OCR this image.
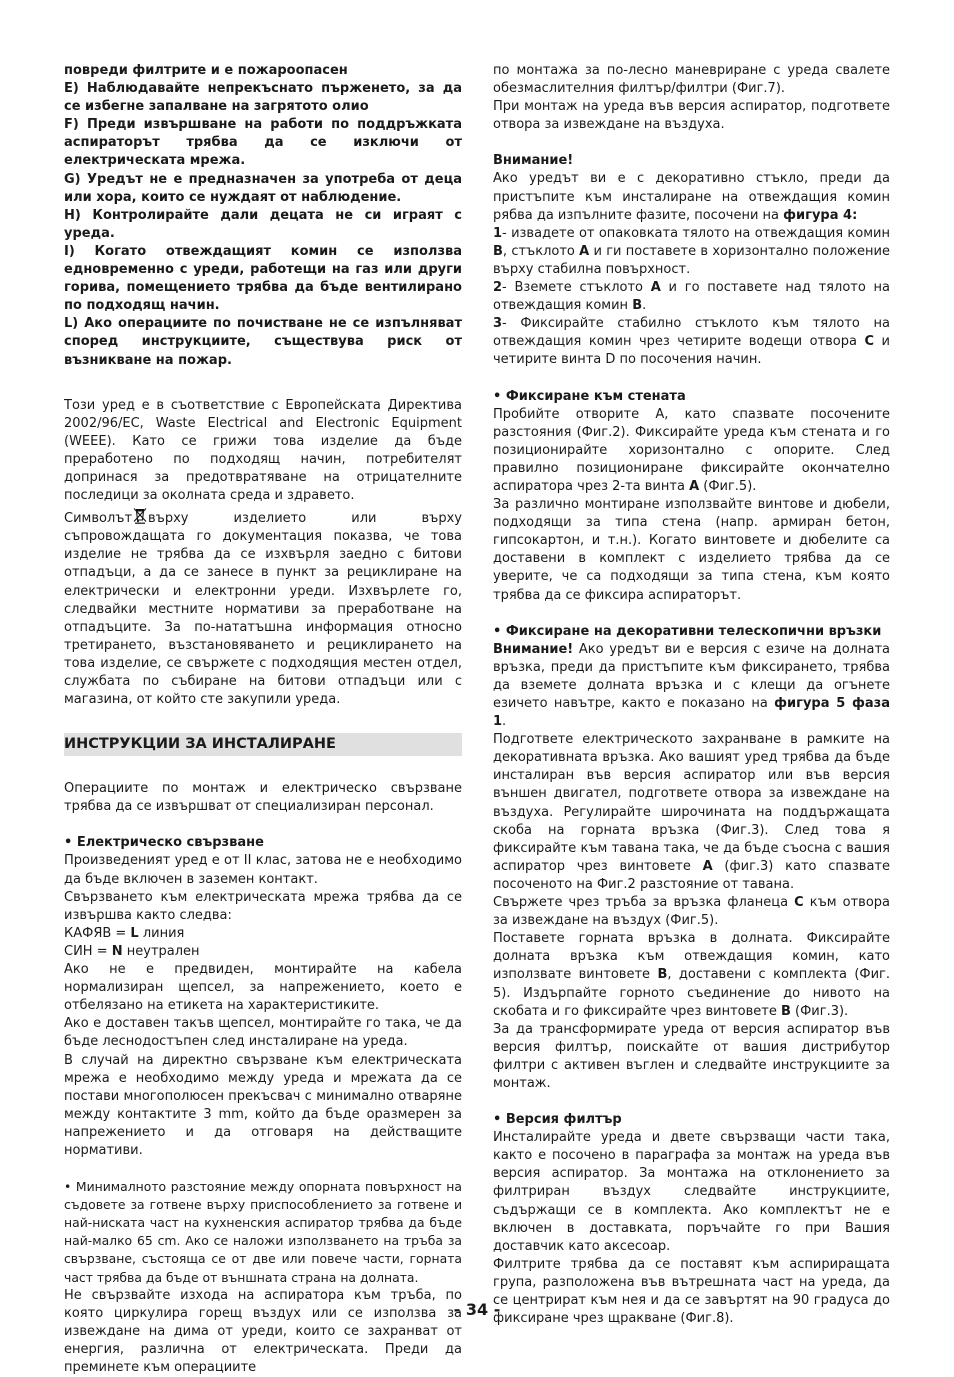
повреди филтрите и е пожароопасен

E) Наблюдавайте непрекъснато пърженето, за да се избегне запалване на загрятото олио

F) Преди извършване на работи по поддръжката аспираторът трябва да се изключи от електрическата мрежа.

G) Уредът не е предназначен за употреба от деца или хора, които се нуждаят от наблюдение.

H) Контролирайте дали децата не си играят с уреда.

I) Когато отвеждащият комин се използва едновременно с уреди, работещи на газ или други горива, помещението трябва да бъде вентилирано по подходящ начин.

L) Ако операциите по почистване не се изпълняват според инструкциите, съществува риск от възникване на пожар.

Този уред е в съответствие с Европейската Директива 2002/96/EC, Waste Electrical and Electronic Equipment (WEEE). Като се грижи това изделие да бъде преработено по подходящ начин, потребителят допринася за предотвратяване на отрицателните последици за околната среда и здравето.

Символът върху изделието или върху съпровождащата го документация показва, че това изделие не трябва да се изхвърля заедно с битови отпадъци, а да се занесе в пункт за рециклиране на електрически и електронни уреди. Изхвърлете го, следвайки местните нормативи за преработване на отпадъците. За по-нататъшна информация относно третирането, възстановяването и рециклирането на това изделие, се свържете с подходящия местен отдел, службата по събиране на битови отпадъци или с магазина, от който сте закупили уреда.

ИНСТРУКЦИИ ЗА ИНСТАЛИРАНЕ

Операциите по монтаж и електрическо свързване трябва да се извършват от специализиран персонал.

• Електрическо свързване

Произведеният уред е от II клас, затова не е необходимо да бъде включен в заземен контакт.

Свързването към електрическата мрежа трябва да се извършва както следва:

КАФЯВ = L линия

СИН = N неутрален

Ако не е предвиден, монтирайте на кабела нормализиран щепсел, за напрежението, което е отбелязано на етикета на характеристиките.

Ако е доставен такъв щепсел, монтирайте го така, че да бъде леснодостъпен след инсталиране на уреда.

В случай на директно свързване към електрическата мрежа е необходимо между уреда и мрежата да се постави многополюсен прекъсвач с минимално отваряне между контактите 3 mm, който да бъде оразмерен за напрежението и да отговаря на действащите нормативи.

• Минималното разстояние между опорната повърхност на съдовете за готвене върху приспособлението за готвене и най-ниската част на кухненския аспиратор трябва да бъде най-малко 65 cm. Ако се наложи използването на тръба за свързване, състояща се от две или повече части, горната част трябва да бъде от външната страна на долната.

Не свързвайте изхода на аспиратора към тръба, по която циркулира горещ въздух или се използва за извеждане на дима от уреди, които се захранват от енергия, различна от електрическата. Преди да преминете към операциите

по монтажа за по-лесно маневриране с уреда свалете обезмаслителния филтър/филтри (Фиг.7).

При монтаж на уреда във версия аспиратор, подгответе отвора за извеждане на въздуха.

Внимание!

Ако уредът ви е с декоративно стъкло, преди да пристъпите към инсталиране на отвеждащия комин рябва да изпълните фазите, посочени на фигура 4:

1- извадете от опаковката тялото на отвеждащия комин B, стъклото A и ги поставете в хоризонтално положение върху стабилна повърхност.

2- Вземете стъклото A и го поставете над тялото на отвеждащия комин B.

3- Фиксирайте стабилно стъклото към тялото на отвеждащия комин чрез четирите водещи отвора C и четирите винта D по посочения начин.

• Фиксиране към стената

Пробийте отворите A, като спазвате посочените разстояния (Фиг.2). Фиксирайте уреда към стената и го позиционирайте хоризонтално с опорите. След правилно позициониране фиксирайте окончателно аспиратора чрез 2-та винта A (Фиг.5).

За различно монтиране използвайте винтове и дюбели, подходящи за типа стена (напр. армиран бетон, гипсокартон, и т.н.). Когато винтовете и дюбелите са доставени в комплект с изделието трябва да се уверите, че са подходящи за типа стена, към която трябва да се фиксира аспираторът.

• Фиксиране на декоративни телескопични връзки

Внимание! Ако уредът ви е версия с езиче на долната връзка, преди да пристъпите към фиксирането, трябва да вземете долната връзка и с клещи да огънете езичето навътре, както е показано на фигура 5 фаза 1.

Подгответе електрическото захранване в рамките на декоративната връзка. Ако вашият уред трябва да бъде инсталиран във версия аспиратор или във версия външен двигател, подгответе отвора за извеждане на въздуха. Регулирайте широчината на поддържащата скоба на горната връзка (Фиг.3). След това я фиксирайте към тавана така, че да бъде съосна с вашия аспиратор чрез винтовете A (фиг.3) като спазвате посоченото на Фиг.2 разстояние от тавана.

Свържете чрез тръба за връзка фланеца C към отвора за извеждане на въздух (Фиг.5).

Поставете горната връзка в долната. Фиксирайте долната връзка към отвеждащия комин, като използвате винтовете B, доставени с комплекта (Фиг. 5). Издърпайте горното съединение до нивото на скобата и го фиксирайте чрез винтовете B (Фиг.3).

За да трансформирате уреда от версия аспиратор във версия филтър, поискайте от вашия дистрибутор филтри с активен въглен и следвайте инструкциите за монтаж.

• Версия филтър

Инсталирайте уреда и двете свързващи части така, както е посочено в параграфа за монтаж на уреда във версия аспиратор. За монтажа на отклонението за филтриран въздух следвайте инструкциите, съдържащи се в комплекта. Ако комплектът не е включен в доставката, поръчайте го при Вашия доставчик като аксесоар.

Филтрите трябва да се поставят към аспириращата група, разположена във вътрешната част на уреда, да се центрират към нея и да се завъртят на 90 градуса до фиксиране чрез щракване (Фиг.8).

- 34 -
